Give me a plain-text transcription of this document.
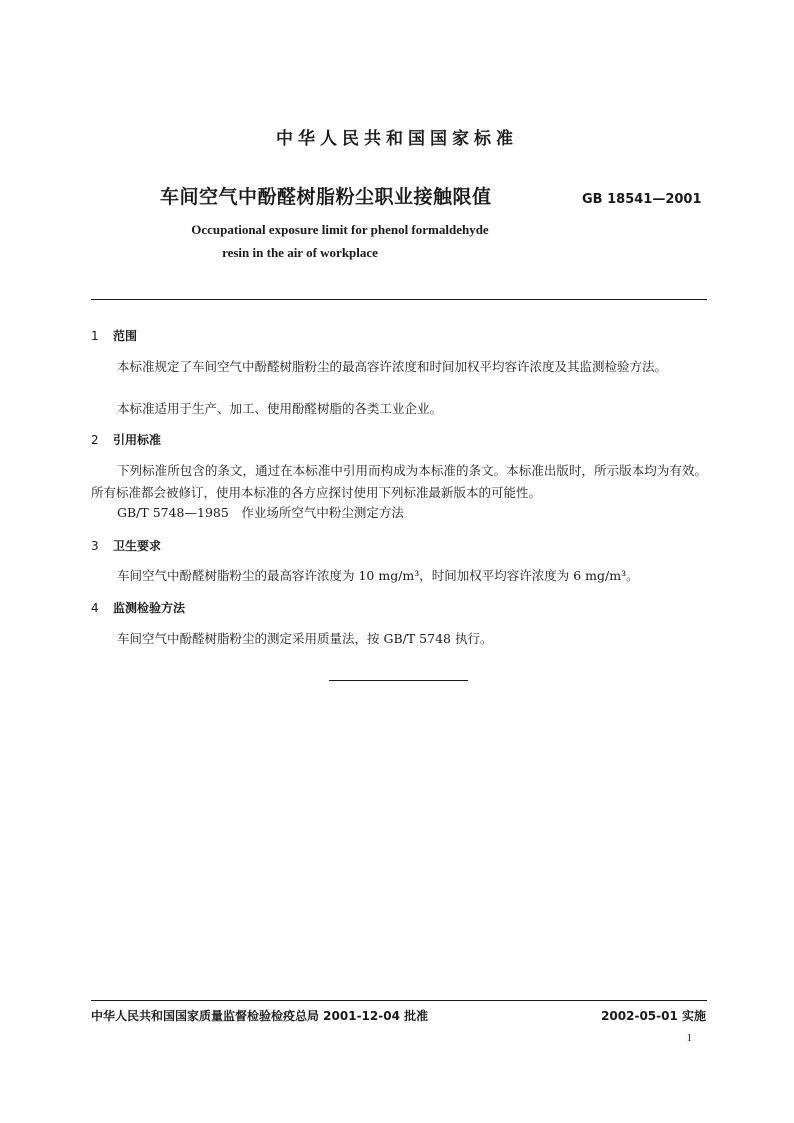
中华人民共和国国家标准
车间空气中酚醛树脂粉尘职业接触限值	GB 18541—2001
Occupational exposure limit for phenol formaldehyde
resin in the air of workplace
1 范围
本标准规定了车间空气中酚醛树脂粉尘的最高容许浓度和时间加权平均容许浓度及其监测检验方法。
本标准适用于生产、加工、使用酚醛树脂的各类工业企业。
2 引用标准
下列标准所包含的条文，通过在本标准中引用而构成为本标准的条文。本标准出版时，所示版本均为有效。所有标准都会被修订，使用本标准的各方应探讨使用下列标准最新版本的可能性。
GB/T 5748—1985　作业场所空气中粉尘测定方法
3 卫生要求
车间空气中酚醛树脂粉尘的最高容许浓度为 10 mg/m³，时间加权平均容许浓度为 6 mg/m³。
4 监测检验方法
车间空气中酚醛树脂粉尘的测定采用质量法，按 GB/T 5748 执行。
中华人民共和国国家质量监督检验检疫总局 2001-12-04 批准	2002-05-01 实施
1
